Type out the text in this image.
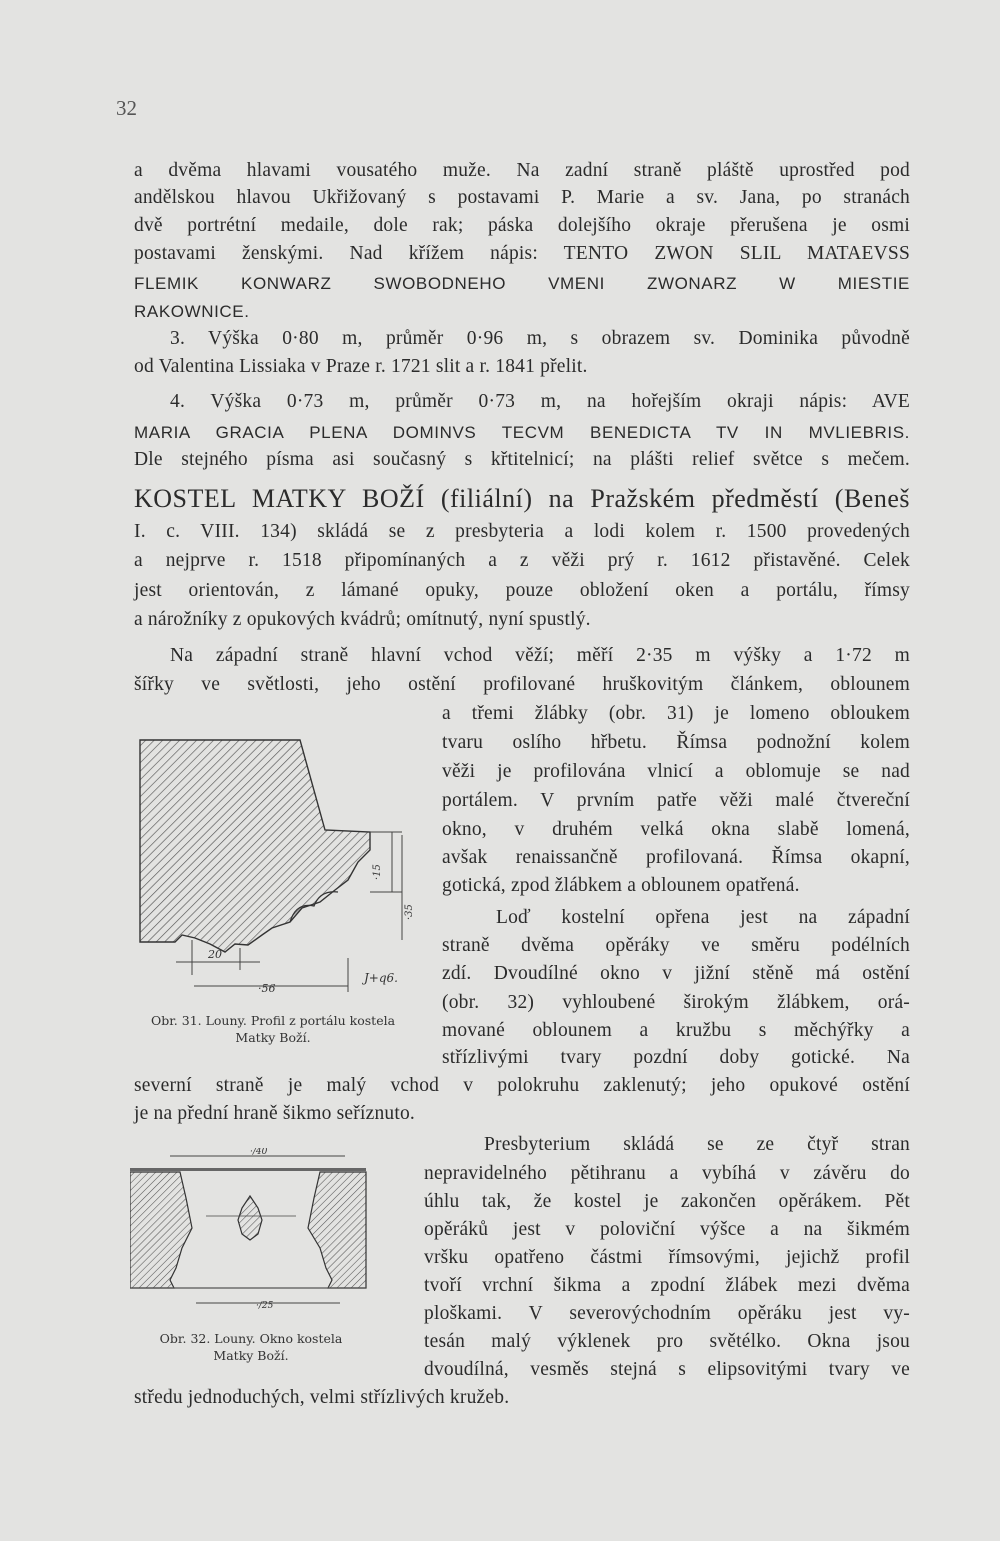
32
a dvěma hlavami vousatého muže. Na zadní straně pláště uprostřed pod
andělskou hlavou Ukřižovaný s postavami P. Marie a sv. Jana, po stranách
dvě portrétní medaile, dole rak; páska dolejšího okraje přerušena je osmi
postavami ženskými. Nad křížem nápis: TENTO ZWON SLIL MATAEVSS
FLEMIK KONWARZ SWOBODNEHO VMENI ZWONARZ W MIESTIE
RAKOWNICE.
3. Výška 0·80 m, průměr 0·96 m, s obrazem sv. Dominika původně
od Valentina Lissiaka v Praze r. 1721 slit a r. 1841 přelit.
4. Výška 0·73 m, průměr 0·73 m, na hořejším okraji nápis: AVE
MARIA GRACIA PLENA DOMINVS TECVM BENEDICTA TV IN MVLIEBRIS.
Dle stejného písma asi současný s křtitelnicí; na plášti relief světce s mečem.
KOSTEL MATKY BOŽÍ (filiální) na Pražském předměstí (Beneš
I. c. VIII. 134) skládá se z presbyteria a lodi kolem r. 1500 provedených
a nejprve r. 1518 připomínaných a z věži prý r. 1612 přistavěné. Celek
jest orientován, z lámané opuky, pouze obložení oken a portálu, římsy
a nárožníky z opukových kvádrů; omítnutý, nyní spustlý.
Na západní straně hlavní vchod věží; měří 2·35 m výšky a 1·72 m
šířky ve světlosti, jeho ostění profilované hruškovitým článkem, oblounem
a třemi žlábky (obr. 31) je lomeno obloukem
tvaru oslího hřbetu. Římsa podnožní kolem
věži je profilována vlnicí a oblomuje se nad
portálem. V prvním patře věži malé čtvereční
okno, v druhém velká okna slabě lomená,
avšak renaissančně profilovaná. Římsa okapní,
gotická, zpod žlábkem a oblounem opatřená.
Loď kostelní opřena jest na západní
straně dvěma opěráky ve směru podélních
zdí. Dvoudílné okno v jižní stěně má ostění
(obr. 32) vyhloubené širokým žlábkem, orá-
mované oblounem a kružbu s měchýřky a
střízlivými tvary pozdní doby gotické. Na
severní straně je malý vchod v polokruhu zaklenutý; jeho opukové ostění
je na přední hraně šikmo seříznuto.
Presbyterium skládá se ze čtyř stran
nepravidelného pětihranu a vybíhá v závěru do
úhlu tak, že kostel je zakončen opěrákem. Pět
opěráků jest v poloviční výšce a na šikmém
vršku opatřeno částmi římsovými, jejichž profil
tvoří vrchní šikma a zpodní žlábek mezi dvěma
ploškami. V severovýchodním opěráku jest vy-
tesán malý výklenek pro světélko. Okna jsou
dvoudílná, vesměs stejná s elipsovitými tvary ve
středu jednoduchých, velmi střízlivých kružeb.
20
·56
·15
·35
J+q6.
Obr. 31. Louny. Profil z portálu kostela
Matky Boží.
·/40
·/25
Obr. 32. Louny. Okno kostela
Matky Boží.
